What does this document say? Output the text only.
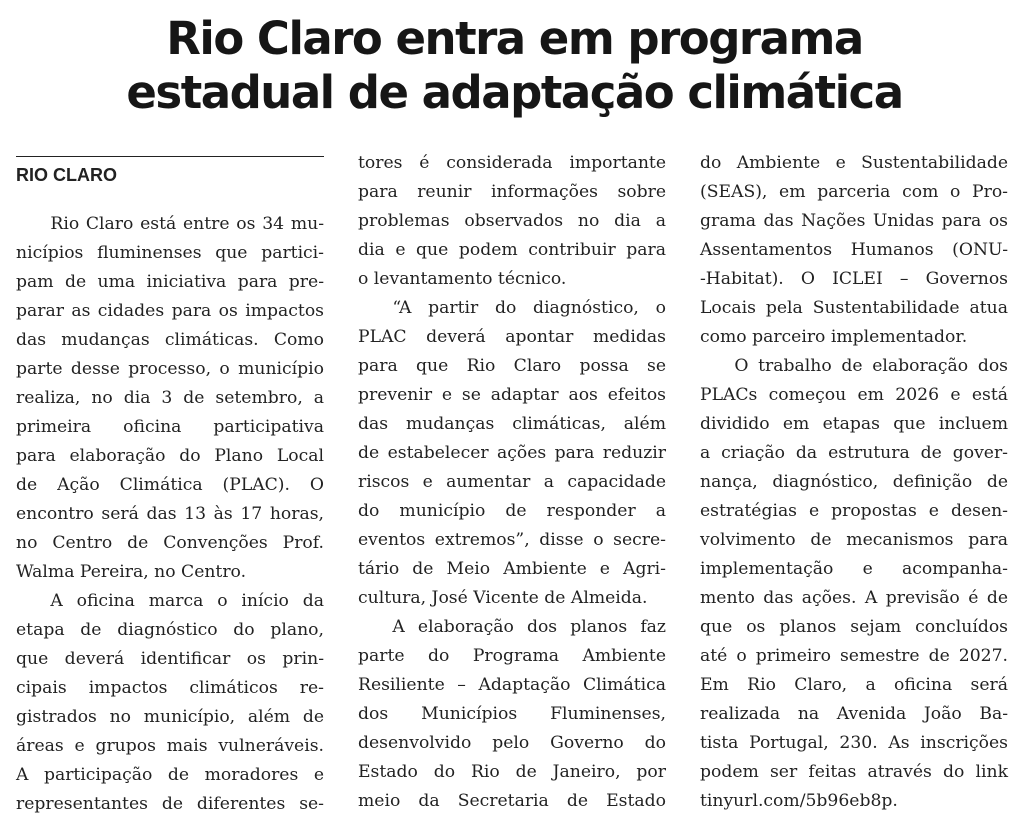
Rio Claro entra em programa
estadual de adaptação climática
RIO CLARO

  Rio Claro está entre os 34 mu-
nicípios fluminenses que partici-
pam de uma iniciativa para pre-
parar as cidades para os impactos
das mudanças climáticas. Como
parte desse processo, o município
realiza, no dia 3 de setembro, a
primeira oficina participativa
para elaboração do Plano Local
de Ação Climática (PLAC). O
encontro será das 13 às 17 horas,
no Centro de Convenções Prof.
Walma Pereira, no Centro.

  A oficina marca o início da
etapa de diagnóstico do plano,
que deverá identificar os prin-
cipais impactos climáticos re-
gistrados no município, além de
áreas e grupos mais vulneráveis.
A participação de moradores e
representantes de diferentes se-

tores é considerada importante
para reunir informações sobre
problemas observados no dia a
dia e que podem contribuir para
o levantamento técnico.

  “A partir do diagnóstico, o
PLAC deverá apontar medidas
para que Rio Claro possa se
prevenir e se adaptar aos efeitos
das mudanças climáticas, além
de estabelecer ações para reduzir
riscos e aumentar a capacidade
do município de responder a
eventos extremos”, disse o secre-
tário de Meio Ambiente e Agri-
cultura, José Vicente de Almeida.

  A elaboração dos planos faz
parte do Programa Ambiente
Resiliente – Adaptação Climática
dos Municípios Fluminenses,
desenvolvido pelo Governo do
Estado do Rio de Janeiro, por
meio da Secretaria de Estado

do Ambiente e Sustentabilidade
(SEAS), em parceria com o Pro-
grama das Nações Unidas para os
Assentamentos Humanos (ONU-
-Habitat). O ICLEI – Governos
Locais pela Sustentabilidade atua
como parceiro implementador.

  O trabalho de elaboração dos
PLACs começou em 2026 e está
dividido em etapas que incluem
a criação da estrutura de gover-
nança, diagnóstico, definição de
estratégias e propostas e desen-
volvimento de mecanismos para
implementação e acompanha-
mento das ações. A previsão é de
que os planos sejam concluídos
até o primeiro semestre de 2027.
Em Rio Claro, a oficina será
realizada na Avenida João Ba-
tista Portugal, 230. As inscrições
podem ser feitas através do link
tinyurl.com/5b96eb8p.
